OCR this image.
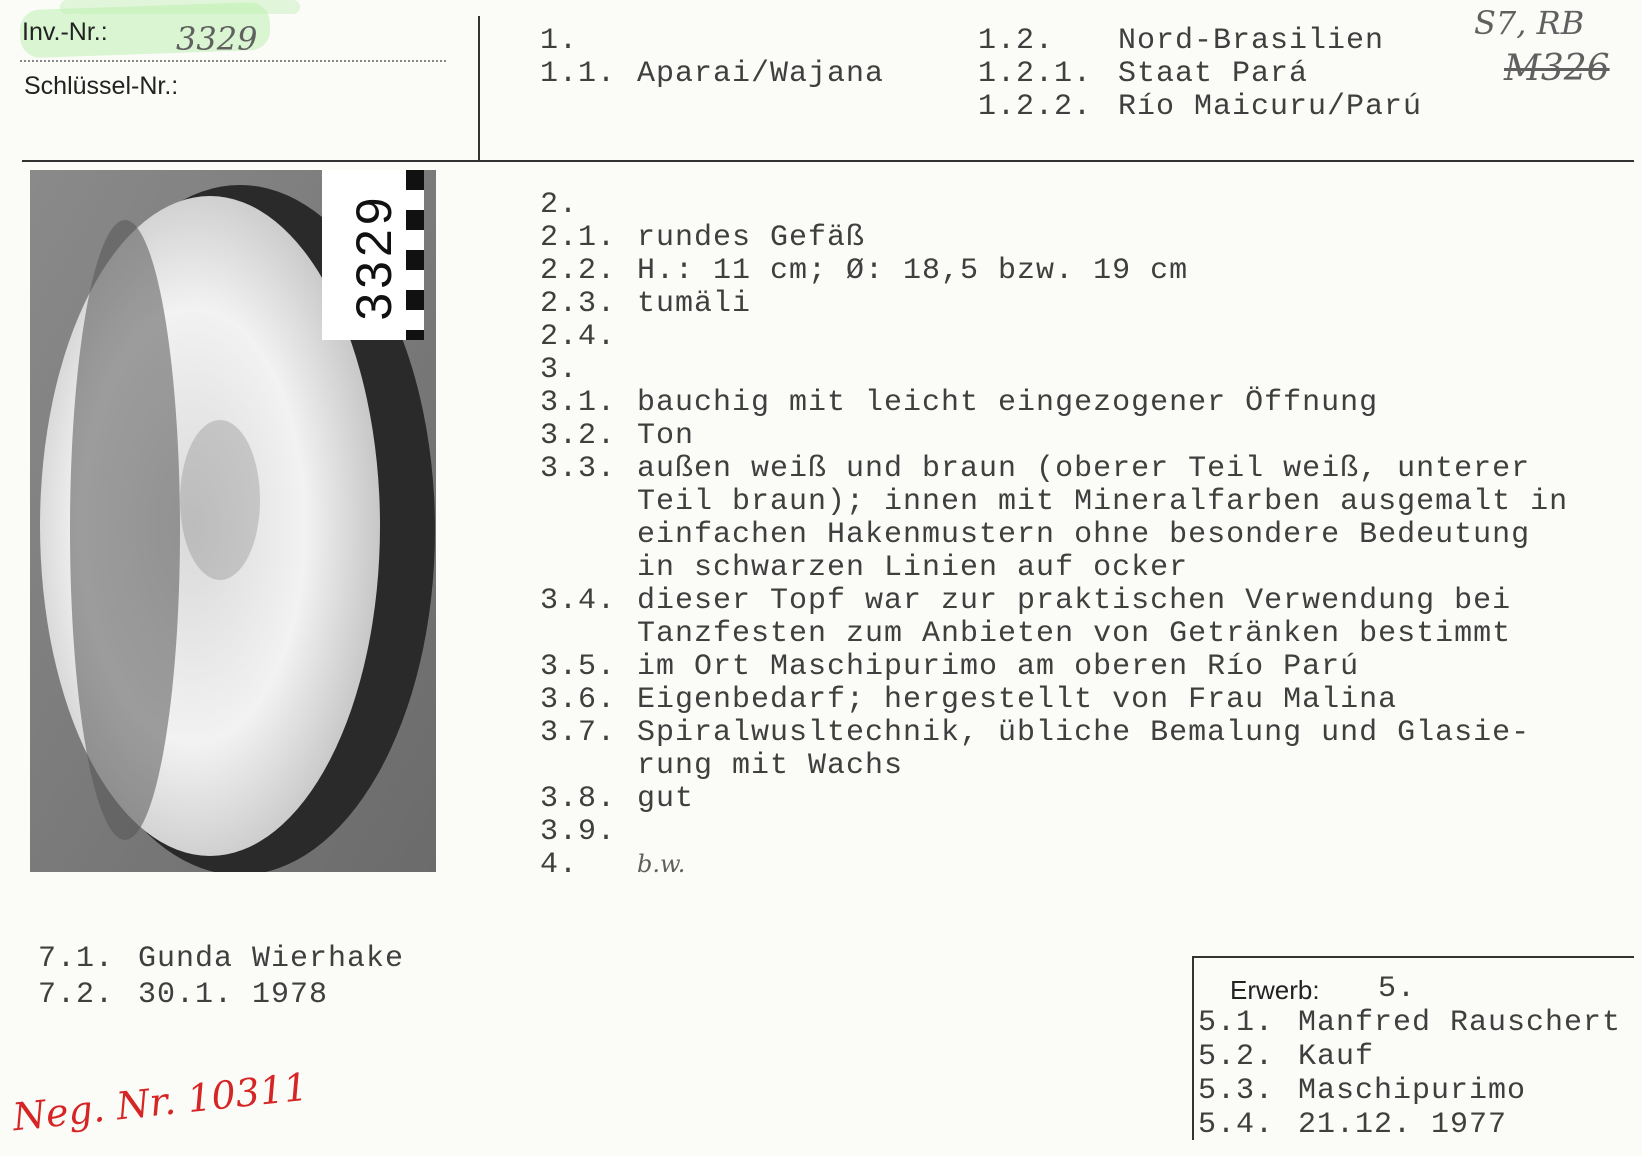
Inv.-Nr.: 3329
Schlüssel-Nr.:
1.
1.1. Aparai/Wajana
1.2. Nord-Brasilien
1.2.1. Staat Pará
1.2.2. Río Maicuru/Parú
S7, RB
M326
3329	2.
2.1. rundes Gefäß
2.2. H.: 11 cm; Ø: 18,5 bzw. 19 cm
2.3. tumäli
2.4.
3.
3.1. bauchig mit leicht eingezogener Öffnung
3.2. Ton
3.3. außen weiß und braun (oberer Teil weiß, unterer
Teil braun); innen mit Mineralfarben ausgemalt in
einfachen Hakenmustern ohne besondere Bedeutung
in schwarzen Linien auf ocker
3.4. dieser Topf war zur praktischen Verwendung bei
Tanzfesten zum Anbieten von Getränken bestimmt
3.5. im Ort Maschipurimo am oberen Río Parú
3.6. Eigenbedarf; hergestellt von Frau Malina
3.7. Spiralwusltechnik, übliche Bemalung und Glasie-
rung mit Wachs
3.8. gut
3.9.
4. b.w.
7.1. Gunda Wierhake
7.2. 30.1. 1978
Neg. Nr. 10311
Erwerb: 5.
5.1. Manfred Rauschert
5.2. Kauf
5.3. Maschipurimo
5.4. 21.12. 1977
